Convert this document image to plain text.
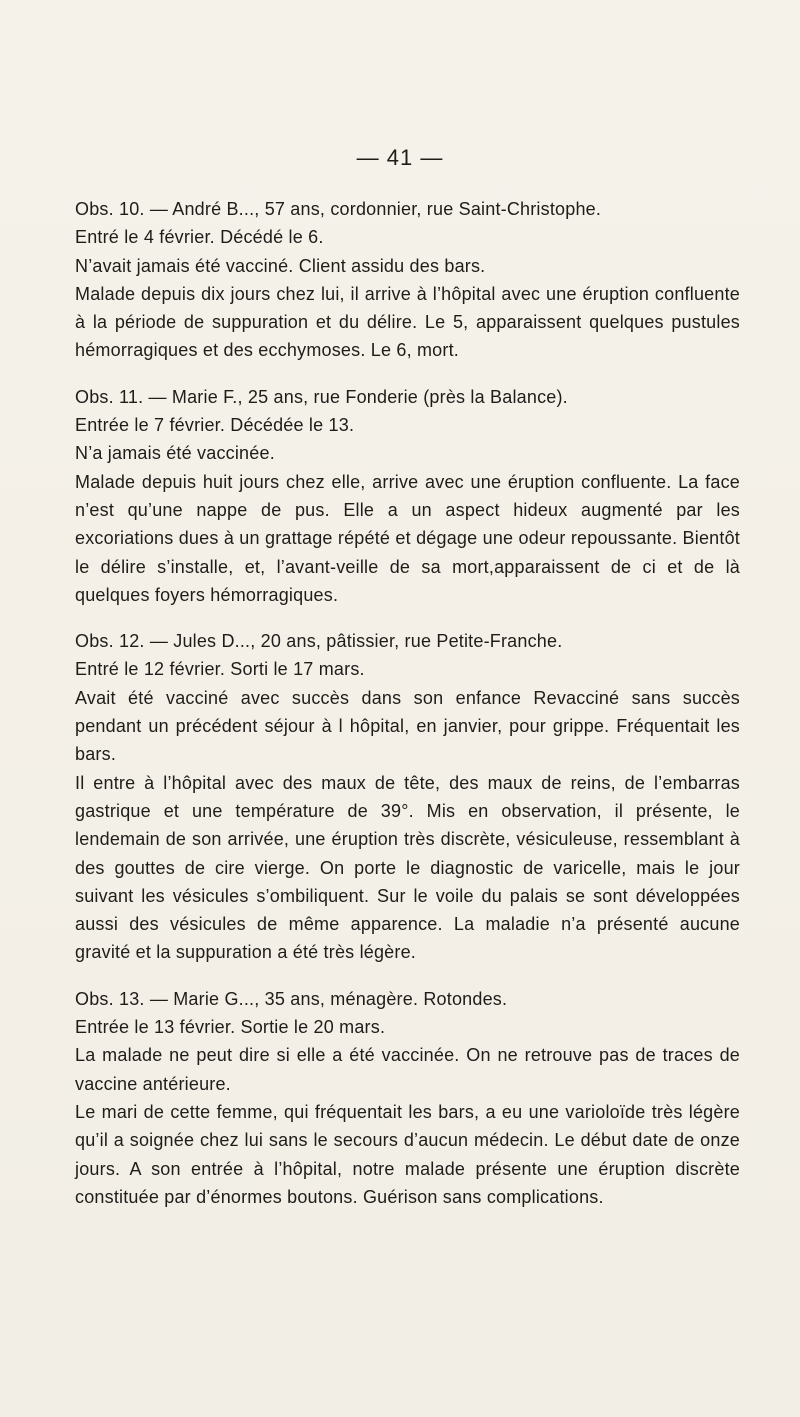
— 41 —

Obs. 10. — André B..., 57 ans, cordonnier, rue Saint-Christophe.

Entré le 4 février. Décédé le 6.

N’avait jamais été vacciné. Client assidu des bars.

Malade depuis dix jours chez lui, il arrive à l’hôpital avec une éruption confluente à la période de suppuration et du délire. Le 5, apparaissent quelques pustules hémorragiques et des ecchymoses. Le 6, mort.

Obs. 11. — Marie F., 25 ans, rue Fonderie (près la Balance).

Entrée le 7 février. Décédée le 13.

N’a jamais été vaccinée.

Malade depuis huit jours chez elle, arrive avec une éruption confluente. La face n’est qu’une nappe de pus. Elle a un aspect hideux augmenté par les excoriations dues à un grattage répété et dégage une odeur repoussante. Bientôt le délire s’installe, et, l’avant-veille de sa mort,apparaissent de ci et de là quelques foyers hémorragiques.

Obs. 12. — Jules D..., 20 ans, pâtissier, rue Petite-Franche.

Entré le 12 février. Sorti le 17 mars.

Avait été vacciné avec succès dans son enfance Revacciné sans succès pendant un précédent séjour à l hôpital, en janvier, pour grippe. Fréquentait les bars.

Il entre à l’hôpital avec des maux de tête, des maux de reins, de l’embarras gastrique et une température de 39°. Mis en observation, il présente, le lendemain de son arrivée, une éruption très discrète, vésiculeuse, ressemblant à des gouttes de cire vierge. On porte le diagnostic de varicelle, mais le jour suivant les vésicules s’ombiliquent. Sur le voile du palais se sont développées aussi des vésicules de même apparence. La maladie n’a présenté aucune gravité et la suppuration a été très légère.

Obs. 13. — Marie G..., 35 ans, ménagère. Rotondes.

Entrée le 13 février. Sortie le 20 mars.

La malade ne peut dire si elle a été vaccinée. On ne retrouve pas de traces de vaccine antérieure.

Le mari de cette femme, qui fréquentait les bars, a eu une varioloïde très légère qu’il a soignée chez lui sans le secours d’aucun médecin. Le début date de onze jours. A son entrée à l’hôpital, notre malade présente une éruption discrète constituée par d’énormes boutons. Guérison sans complications.
